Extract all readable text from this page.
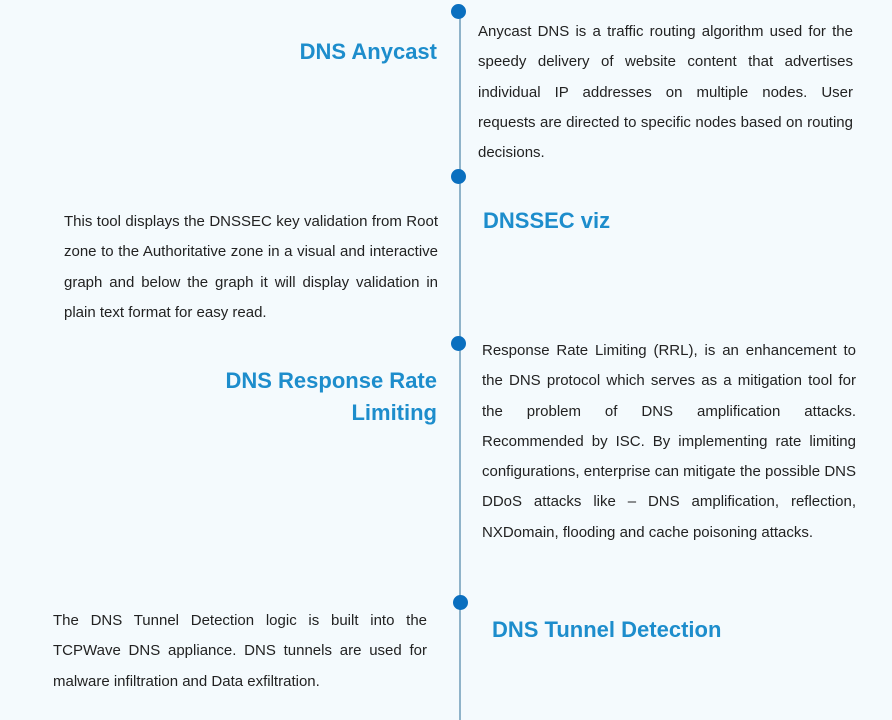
DNS Anycast

Anycast DNS is a traffic routing algorithm used for the speedy delivery of website content that advertises individual IP addresses on multiple nodes. User requests are directed to specific nodes based on routing decisions.

DNSSEC viz

This tool displays the DNSSEC key validation from Root zone to the Authoritative zone in a visual and interactive graph and below the graph it will display validation in plain text format for easy read.

DNS Response Rate Limiting

Response Rate Limiting (RRL), is an enhancement to the DNS protocol which serves as a mitigation tool for the problem of DNS amplification attacks. Recommended by ISC. By implementing rate limiting configurations, enterprise can mitigate the possible DNS DDoS attacks like – DNS amplification, reflection, NXDomain, flooding and cache poisoning attacks.

DNS Tunnel Detection

The DNS Tunnel Detection logic is built into the TCPWave DNS appliance. DNS tunnels are used for malware infiltration and Data exfiltration.
